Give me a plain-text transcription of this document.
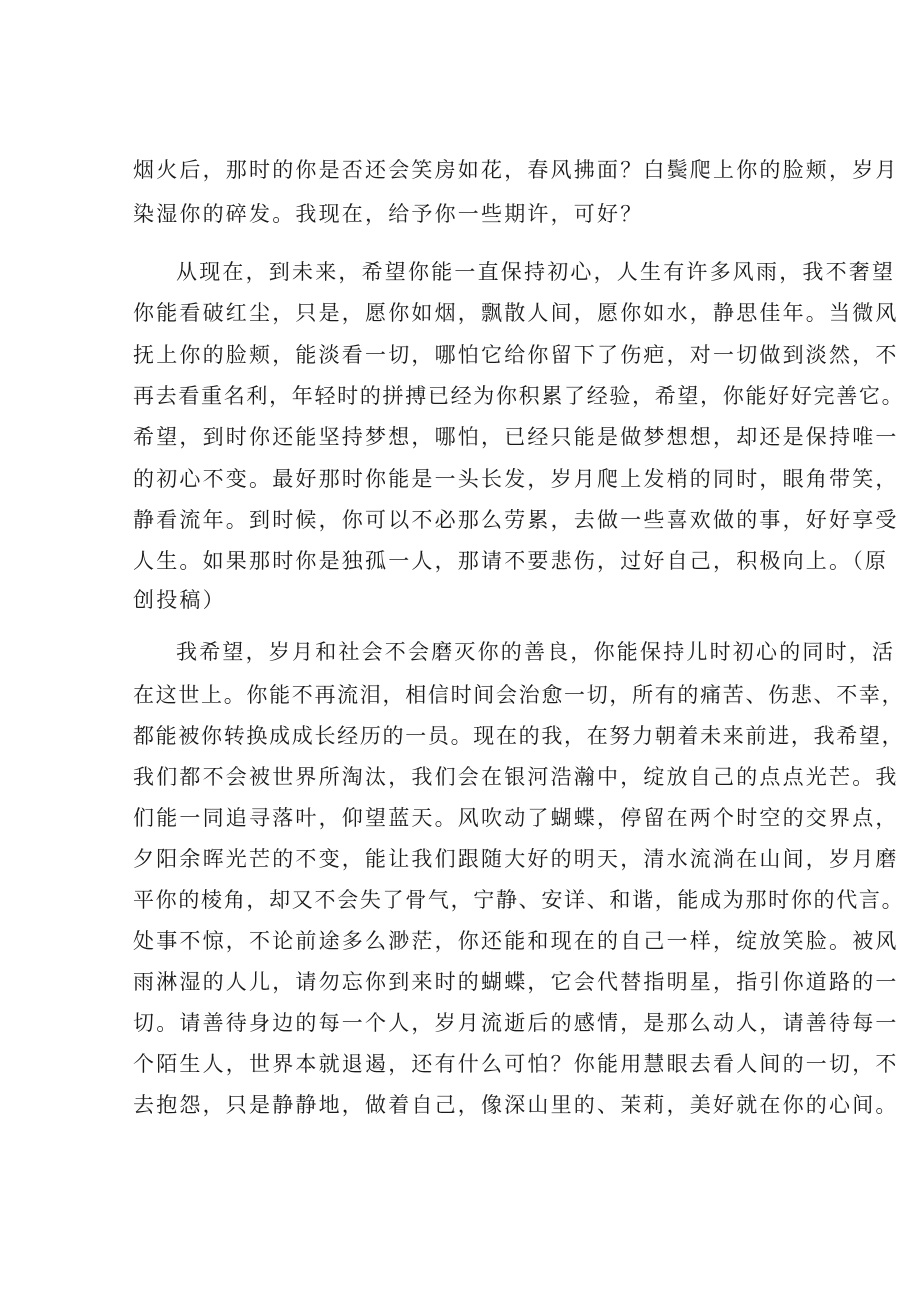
烟火后，那时的你是否还会笑房如花，春风拂面？白鬓爬上你的脸颊，岁月
染湿你的碎发。我现在，给予你一些期许，可好？
从现在，到未来，希望你能一直保持初心，人生有许多风雨，我不奢望
你能看破红尘，只是，愿你如烟，飘散人间，愿你如水，静思佳年。当微风
抚上你的脸颊，能淡看一切，哪怕它给你留下了伤疤，对一切做到淡然，不
再去看重名利，年轻时的拼搏已经为你积累了经验，希望，你能好好完善它。
希望，到时你还能坚持梦想，哪怕，已经只能是做梦想想，却还是保持唯一
的初心不变。最好那时你能是一头长发，岁月爬上发梢的同时，眼角带笑，
静看流年。到时候，你可以不必那么劳累，去做一些喜欢做的事，好好享受
人生。如果那时你是独孤一人，那请不要悲伤，过好自己，积极向上。（原
创投稿）
我希望，岁月和社会不会磨灭你的善良，你能保持儿时初心的同时，活
在这世上。你能不再流泪，相信时间会治愈一切，所有的痛苦、伤悲、不幸，
都能被你转换成成长经历的一员。现在的我，在努力朝着未来前进，我希望，
我们都不会被世界所淘汰，我们会在银河浩瀚中，绽放自己的点点光芒。我
们能一同追寻落叶，仰望蓝天。风吹动了蝴蝶，停留在两个时空的交界点，
夕阳余晖光芒的不变，能让我们跟随大好的明天，清水流淌在山间，岁月磨
平你的棱角，却又不会失了骨气，宁静、安详、和谐，能成为那时你的代言。
处事不惊，不论前途多么渺茫，你还能和现在的自己一样，绽放笑脸。被风
雨淋湿的人儿，请勿忘你到来时的蝴蝶，它会代替指明星，指引你道路的一
切。请善待身边的每一个人，岁月流逝后的感情，是那么动人，请善待每一
个陌生人，世界本就退遏，还有什么可怕？你能用慧眼去看人间的一切，不
去抱怨，只是静静地，做着自己，像深山里的、茉莉，美好就在你的心间。
